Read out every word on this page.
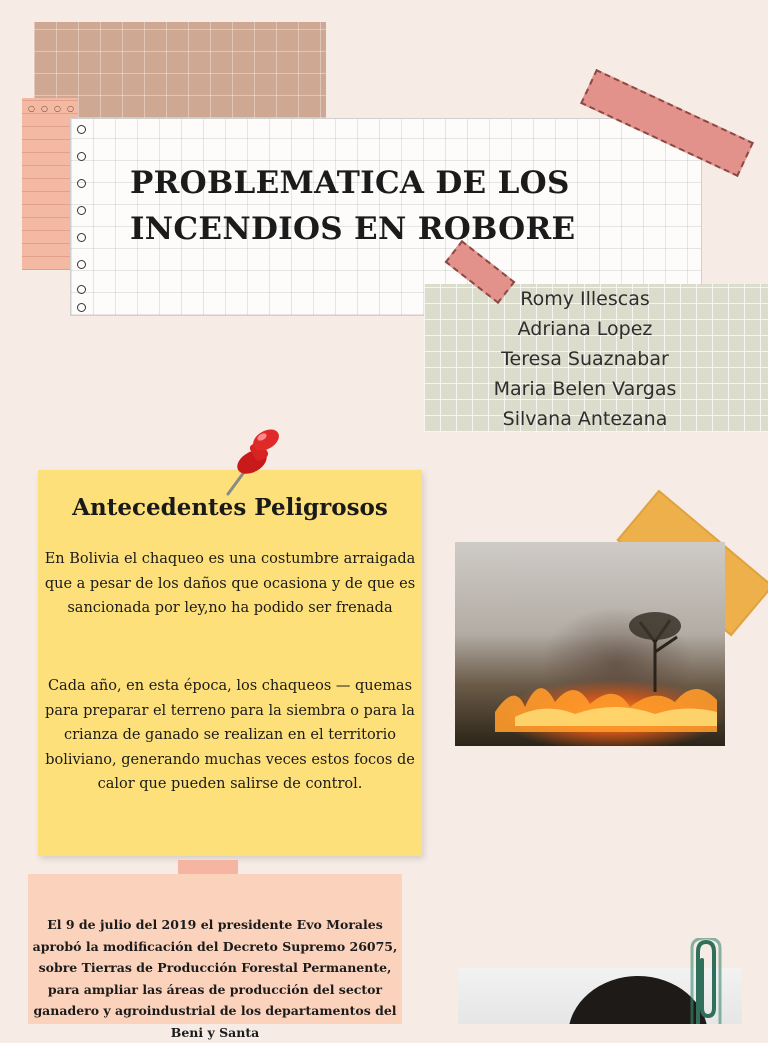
○○○○
PROBLEMATICA DE LOS
INCENDIOS EN ROBORE
Romy Illescas
Adriana Lopez
Teresa Suaznabar
Maria Belen Vargas
Silvana Antezana
Antecedentes Peligrosos
En Bolivia el chaqueo es una costumbre arraigada que a pesar de los daños que ocasiona y de que es sancionada por ley,no ha podido ser frenada
Cada año, en esta época, los chaqueos — quemas para preparar el terreno para la siembra o para la crianza de ganado se realizan en el territorio boliviano, generando muchas veces estos focos de calor que pueden salirse de control.
El 9 de julio del 2019 el presidente Evo Morales aprobó la modificación del Decreto Supremo 26075, sobre Tierras de Producción Forestal Permanente, para ampliar las áreas de producción del sector ganadero y agroindustrial de los departamentos del Beni y Santa
